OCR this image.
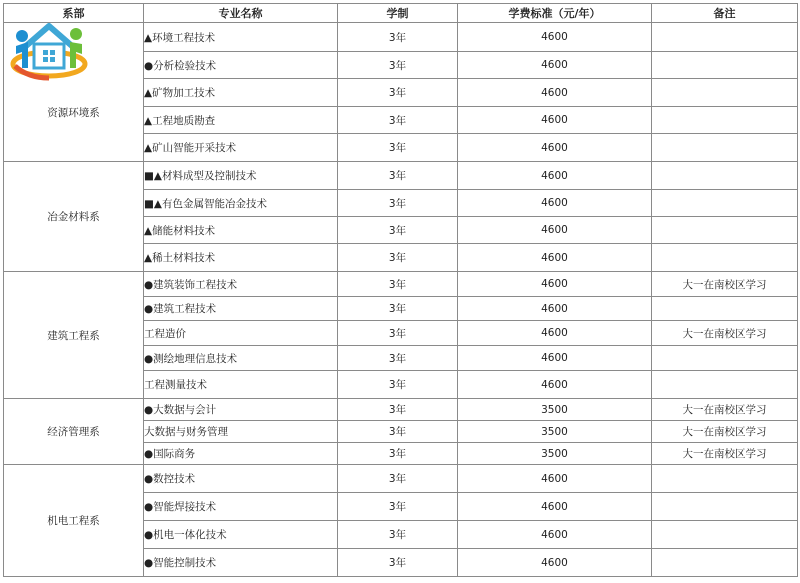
系部	专业名称	学制	学费标准（元/年）	备注
资源环境系	▲环境工程技术	3年	4600	
	●分析检验技术	3年	4600	
	▲矿物加工技术	3年	4600	
	▲工程地质勘查	3年	4600	
	▲矿山智能开采技术	3年	4600	
冶金材料系	■▲材料成型及控制技术	3年	4600	
	■▲有色金属智能冶金技术	3年	4600	
	▲储能材料技术	3年	4600	
	▲稀土材料技术	3年	4600	
建筑工程系	●建筑装饰工程技术	3年	4600	大一在南校区学习
	●建筑工程技术	3年	4600	
	工程造价	3年	4600	大一在南校区学习
	●测绘地理信息技术	3年	4600	
	工程测量技术	3年	4600	
经济管理系	●大数据与会计	3年	3500	大一在南校区学习
	大数据与财务管理	3年	3500	大一在南校区学习
	●国际商务	3年	3500	大一在南校区学习
机电工程系	●数控技术	3年	4600	
	●智能焊接技术	3年	4600	
	●机电一体化技术	3年	4600	
	●智能控制技术	3年	4600	
